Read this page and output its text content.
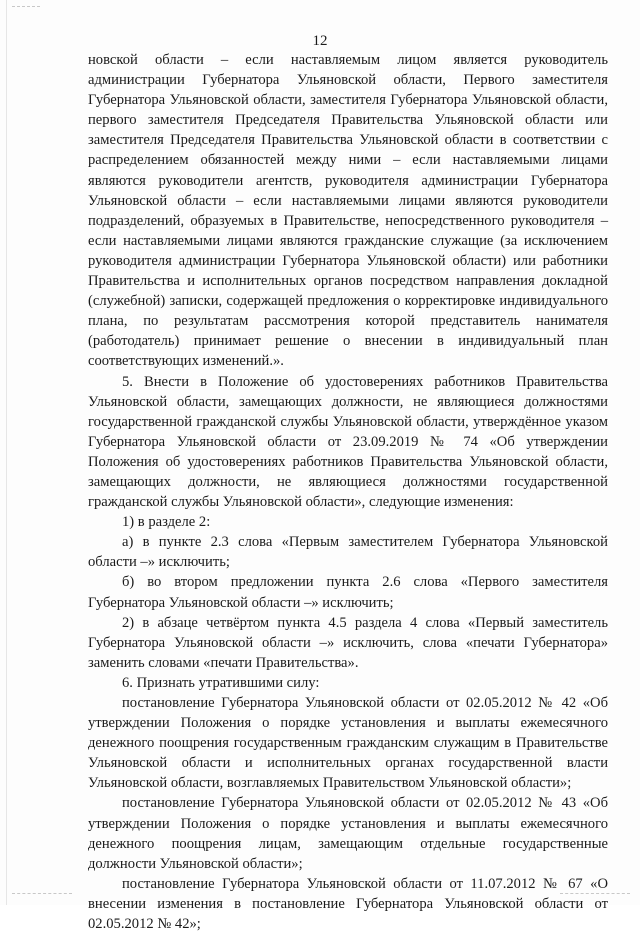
12

новской области – если наставляемым лицом является руководитель администрации Губернатора Ульяновской области, Первого заместителя Губернатора Ульяновской области, заместителя Губернатора Ульяновской области, первого заместителя Председателя Правительства Ульяновской области или заместителя Председателя Правительства Ульяновской области в соответствии с распределением обязанностей между ними – если наставляемыми лицами являются руководители агентств, руководителя администрации Губернатора Ульяновской области – если наставляемыми лицами являются руководители подразделений, образуемых в Правительстве, непосредственного руководителя – если наставляемыми лицами являются гражданские служащие (за исключением руководителя администрации Губернатора Ульяновской области) или работники Правительства и исполнительных органов посредством направления докладной (служебной) записки, содержащей предложения о корректировке индивидуального плана, по результатам рассмотрения которой представитель нанимателя (работодатель) принимает решение о внесении в индивидуальный план соответствующих изменений.».

5. Внести в Положение об удостоверениях работников Правительства Ульяновской области, замещающих должности, не являющиеся должностями государственной гражданской службы Ульяновской области, утверждённое указом Губернатора Ульяновской области от 23.09.2019 № 74 «Об утверждении Положения об удостоверениях работников Правительства Ульяновской области, замещающих должности, не являющиеся должностями государственной гражданской службы Ульяновской области», следующие изменения:

1) в разделе 2:

а) в пункте 2.3 слова «Первым заместителем Губернатора Ульяновской области –» исключить;

б) во втором предложении пункта 2.6 слова «Первого заместителя Губернатора Ульяновской области –» исключить;

2) в абзаце четвёртом пункта 4.5 раздела 4 слова «Первый заместитель Губернатора Ульяновской области –» исключить, слова «печати Губернатора» заменить словами «печати Правительства».

6. Признать утратившими силу:

постановление Губернатора Ульяновской области от 02.05.2012 № 42 «Об утверждении Положения о порядке установления и выплаты ежемесячного денежного поощрения государственным гражданским служащим в Правительстве Ульяновской области и исполнительных органах государственной власти Ульяновской области, возглавляемых Правительством Ульяновской области»;

постановление Губернатора Ульяновской области от 02.05.2012 № 43 «Об утверждении Положения о порядке установления и выплаты ежемесячного денежного поощрения лицам, замещающим отдельные государственные должности Ульяновской области»;

постановление Губернатора Ульяновской области от 11.07.2012 № 67 «О внесении изменения в постановление Губернатора Ульяновской области от 02.05.2012 № 42»;
